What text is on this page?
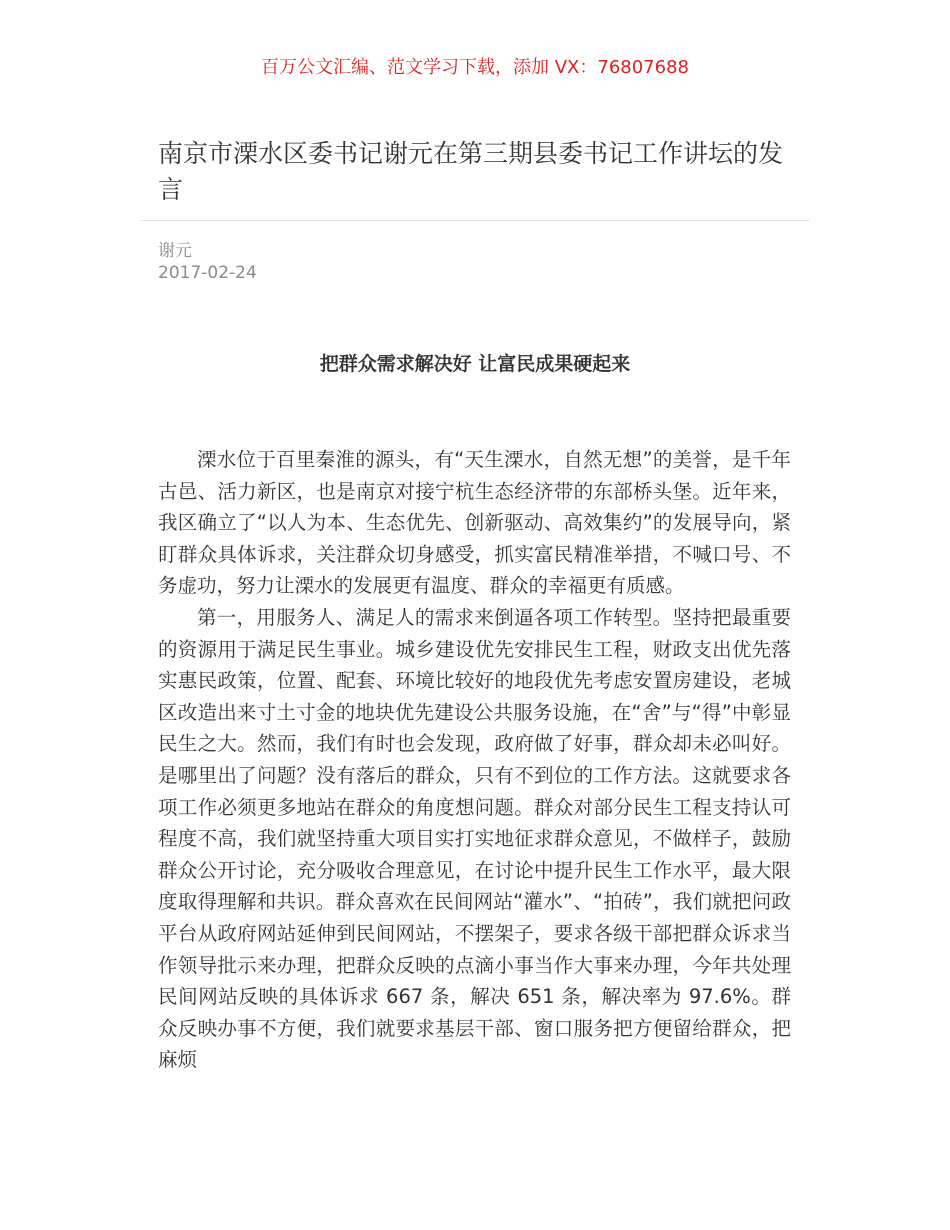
百万公文汇编、范文学习下载，添加 VX：76807688
南京市溧水区委书记谢元在第三期县委书记工作讲坛的发言
谢元
2017-02-24
把群众需求解决好 让富民成果硬起来

溧水位于百里秦淮的源头，有“天生溧水，自然无想”的美誉，是千年古邑、活力新区，也是南京对接宁杭生态经济带的东部桥头堡。近年来，我区确立了“以人为本、生态优先、创新驱动、高效集约”的发展导向，紧盯群众具体诉求，关注群众切身感受，抓实富民精准举措，不喊口号、不务虚功，努力让溧水的发展更有温度、群众的幸福更有质感。

第一，用服务人、满足人的需求来倒逼各项工作转型。坚持把最重要的资源用于满足民生事业。城乡建设优先安排民生工程，财政支出优先落实惠民政策，位置、配套、环境比较好的地段优先考虑安置房建设，老城区改造出来寸土寸金的地块优先建设公共服务设施，在“舍”与“得”中彰显民生之大。然而，我们有时也会发现，政府做了好事，群众却未必叫好。是哪里出了问题？没有落后的群众，只有不到位的工作方法。这就要求各项工作必须更多地站在群众的角度想问题。群众对部分民生工程支持认可程度不高，我们就坚持重大项目实打实地征求群众意见，不做样子，鼓励群众公开讨论，充分吸收合理意见，在讨论中提升民生工作水平，最大限度取得理解和共识。群众喜欢在民间网站“灌水”、“拍砖”，我们就把问政平台从政府网站延伸到民间网站，不摆架子，要求各级干部把群众诉求当作领导批示来办理，把群众反映的点滴小事当作大事来办理，今年共处理民间网站反映的具体诉求 667 条，解决 651 条，解决率为 97.6%。群众反映办事不方便，我们就要求基层干部、窗口服务把方便留给群众，把麻烦
